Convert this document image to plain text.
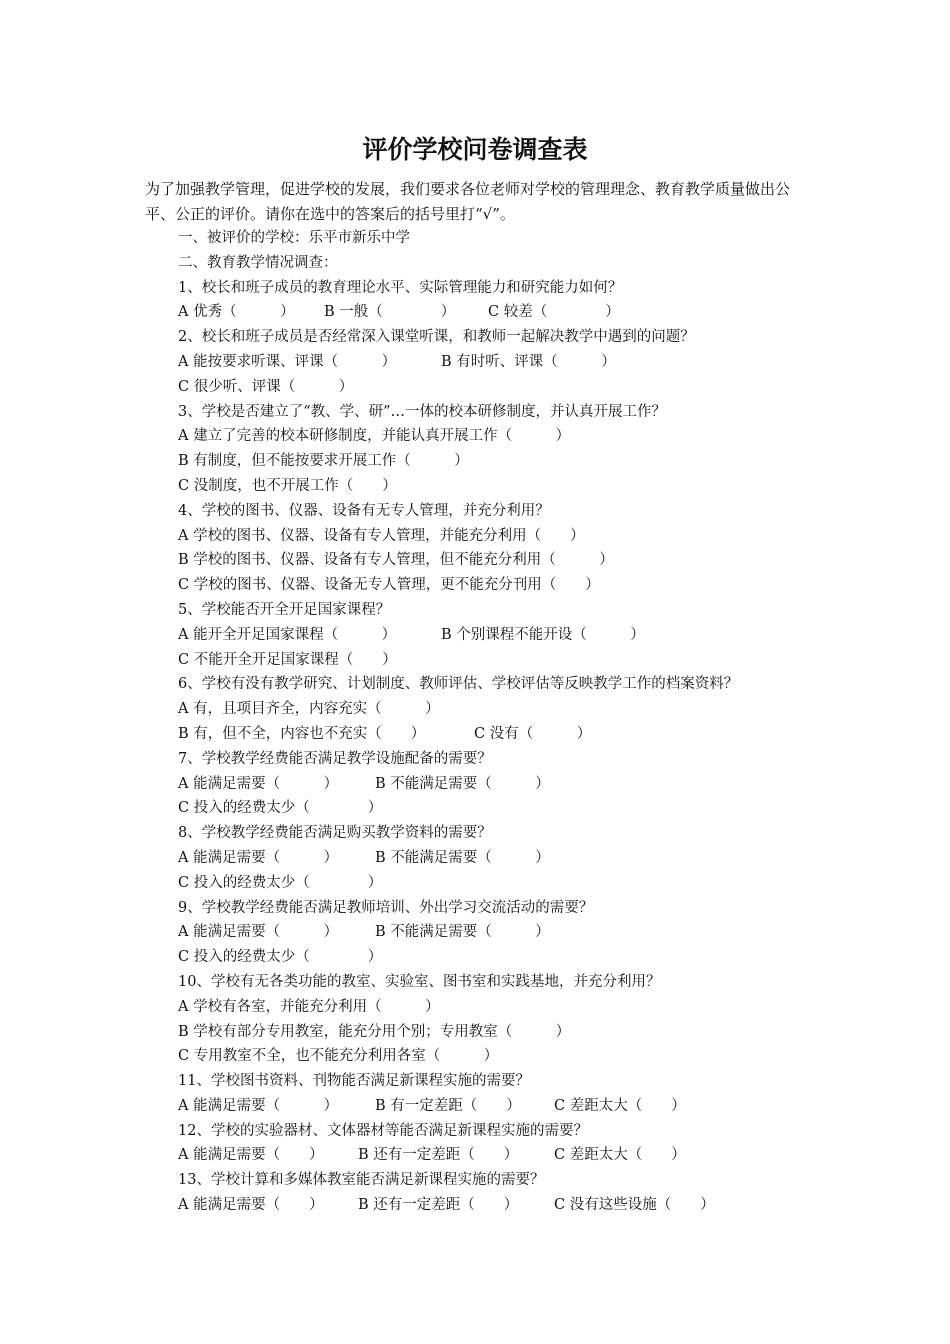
评价学校问卷调查表
为了加强教学管理，促进学校的发展，我们要求各位老师对学校的管理理念、教育教学质量做出公平、公正的评价。请你在选中的答案后的括号里打“√”。
一、被评价的学校：乐平市新乐中学
二、教育教学情况调查：
1、校长和班子成员的教育理论水平、实际管理能力和研究能力如何？
A 优秀（　　　） B 一般（　　　　） C 较差（　　　　）
2、校长和班子成员是否经常深入课堂听课，和教师一起解决教学中遇到的问题？
A 能按要求听课、评课（　　　）	B 有时听、评课（　　　）
C 很少听、评课（　　　）
3、学校是否建立了“教、学、研”…一体的校本研修制度，并认真开展工作？
A 建立了完善的校本研修制度，并能认真开展工作（　　　）
B 有制度，但不能按要求开展工作（　　　）
C 没制度，也不开展工作（　　）
4、学校的图书、仪器、设备有无专人管理，并充分利用？
A 学校的图书、仪器、设备有专人管理，并能充分利用（　　）
B 学校的图书、仪器、设备有专人管理，但不能充分利用（　　　）
C 学校的图书、仪器、设备无专人管理，更不能充分刊用（　　）
5、学校能否开全开足国家课程？
A 能开全开足国家课程（　　　）	B 个别课程不能开设（　　　）
C 不能开全开足国家课程（　　）
6、学校有没有教学研究、计划制度、教师评估、学校评估等反映教学工作的档案资料？
A 有，且项目齐全，内容充实（　　　）
B 有，但不全，内容也不充实（　　）	C 没有（　　　）
7、学校教学经费能否满足教学设施配备的需要？
A 能满足需要（　　　）	B 不能满足需要（　　　）
C 投入的经费太少（　　　　）
8、学校教学经费能否满足购买教学资料的需要？
A 能满足需要（　　　）	B 不能满足需要（　　　）
C 投入的经费太少（　　　　）
9、学校教学经费能否满足教师培训、外出学习交流活动的需要？
A 能满足需要（　　　）	B 不能满足需要（　　　）
C 投入的经费太少（　　　　）
10、学校有无各类功能的教室、实验室、图书室和实践基地，并充分利用？
A 学校有各室，并能充分利用（　　　）
B 学校有部分专用教室，能充分用个别；专用教室（　　　）
C 专用教室不全，也不能充分利用各室（　　　）
11、学校图书资料、刊物能否满足新课程实施的需要？
A 能满足需要（　　　）	B 有一定差距（　　） C 差距太大（　　）
12、学校的实验器材、文体器材等能否满足新课程实施的需要？
A 能满足需要（　　） B 还有一定差距（　　） C 差距太大（　　）
13、学校计算和多媒体教室能否满足新课程实施的需要？
A 能满足需要（　　） B 还有一定差距（　　） C 没有这些设施（　　）
